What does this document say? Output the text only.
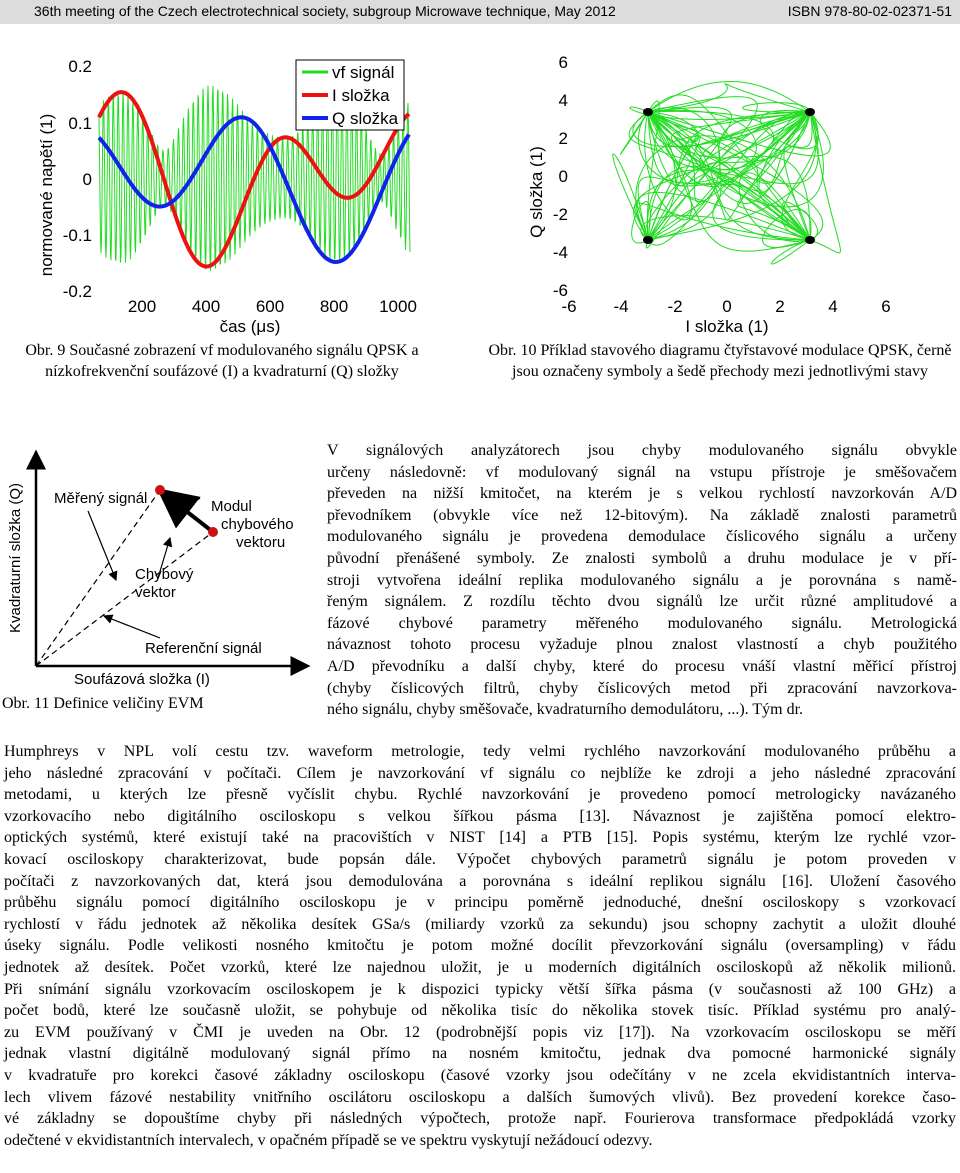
36th meeting of the Czech electrotechnical society, subgroup Microwave technique, May 2012	ISBN 978-80-02-02371-51
normované napětí (1)
0.2
0.1
0
-0.1
-0.2
200 400 600 800 1000
čas (μs)
vf signál
I složka
Q složka
Obr. 9 Současné zobrazení vf modulovaného signálu QPSK a nízkofrekvenční soufázové (I) a kvadraturní (Q) složky
Q složka (1)
6
4
2
0
-2
-4
-6
-6 -4 -2 0	2	4	6
I složka (1)
Obr. 10 Příklad stavového diagramu čtyřstavové modulace QPSK, černě jsou označeny symboly a šedě přechody mezi jednotlivými stavy
Kvadraturní složka (Q) Měřený signál	Modul
chybového
vektoru
Chybový
vektor
Referenční signál
Soufázová složka (I)
Obr. 11 Definice veličiny EVM

V signálových analyzátorech jsou chyby modulovaného signálu obvykle

určeny následovně: vf modulovaný signál na vstupu přístroje je směšovačem

převeden na nižší kmitočet, na kterém je s velkou rychlostí navzorkován A/D

převodníkem (obvykle více než 12-bitovým). Na základě znalosti parametrů

modulovaného signálu je provedena demodulace číslicového signálu a určeny

původní přenášené symboly. Ze znalosti symbolů a druhu modulace je v pří-

stroji vytvořena ideální replika modulovaného signálu a je porovnána s namě-

řeným signálem. Z rozdílu těchto dvou signálů lze určit různé amplitudové a

fázové chybové parametry měřeného modulovaného signálu. Metrologická

návaznost tohoto procesu vyžaduje plnou znalost vlastností a chyb použitého

A/D převodníku a další chyby, které do procesu vnáší vlastní měřicí přístroj

(chyby číslicových filtrů, chyby číslicových metod při zpracování navzorkova-

ného signálu, chyby směšovače, kvadraturního demodulátoru, ...). Tým dr.

Humphreys v NPL volí cestu tzv. waveform metrologie, tedy velmi rychlého navzorkování modulovaného průběhu a

jeho následné zpracování v počítači. Cílem je navzorkování vf signálu co nejblíže ke zdroji a jeho následné zpracování

metodami, u kterých lze přesně vyčíslit chybu. Rychlé navzorkování je provedeno pomocí metrologicky navázaného

vzorkovacího nebo digitálního osciloskopu s velkou šířkou pásma [13]. Návaznost je zajištěna pomocí elektro-

optických systémů, které existují také na pracovištích v NIST [14] a PTB [15]. Popis systému, kterým lze rychlé vzor-

kovací osciloskopy charakterizovat, bude popsán dále. Výpočet chybových parametrů signálu je potom proveden v

počítači z navzorkovaných dat, která jsou demodulována a porovnána s ideální replikou signálu [16]. Uložení časového

průběhu signálu pomocí digitálního osciloskopu je v principu poměrně jednoduché, dnešní osciloskopy s vzorkovací

rychlostí v řádu jednotek až několika desítek GSa/s (miliardy vzorků za sekundu) jsou schopny zachytit a uložit dlouhé

úseky signálu. Podle velikosti nosného kmitočtu je potom možné docílit převzorkování signálu (oversampling) v řádu

jednotek až desítek. Počet vzorků, které lze najednou uložit, je u moderních digitálních osciloskopů až několik milionů.

Při snímání signálu vzorkovacím osciloskopem je k dispozici typicky větší šířka pásma (v současnosti až 100 GHz) a

počet bodů, které lze současně uložit, se pohybuje od několika tisíc do několika stovek tisíc. Příklad systému pro analý-

zu EVM používaný v ČMI je uveden na Obr. 12 (podrobnější popis viz [17]). Na vzorkovacím osciloskopu se měří

jednak vlastní digitálně modulovaný signál přímo na nosném kmitočtu, jednak dva pomocné harmonické signály

v kvadratuře pro korekci časové základny osciloskopu (časové vzorky jsou odečítány v ne zcela ekvidistantních interva-

lech vlivem fázové nestability vnitřního oscilátoru osciloskopu a dalších šumových vlivů). Bez provedení korekce časo-

vé základny se dopouštíme chyby při následných výpočtech, protože např. Fourierova transformace předpokládá vzorky

odečtené v ekvidistantních intervalech, v opačném případě se ve spektru vyskytují nežádoucí odezvy.
